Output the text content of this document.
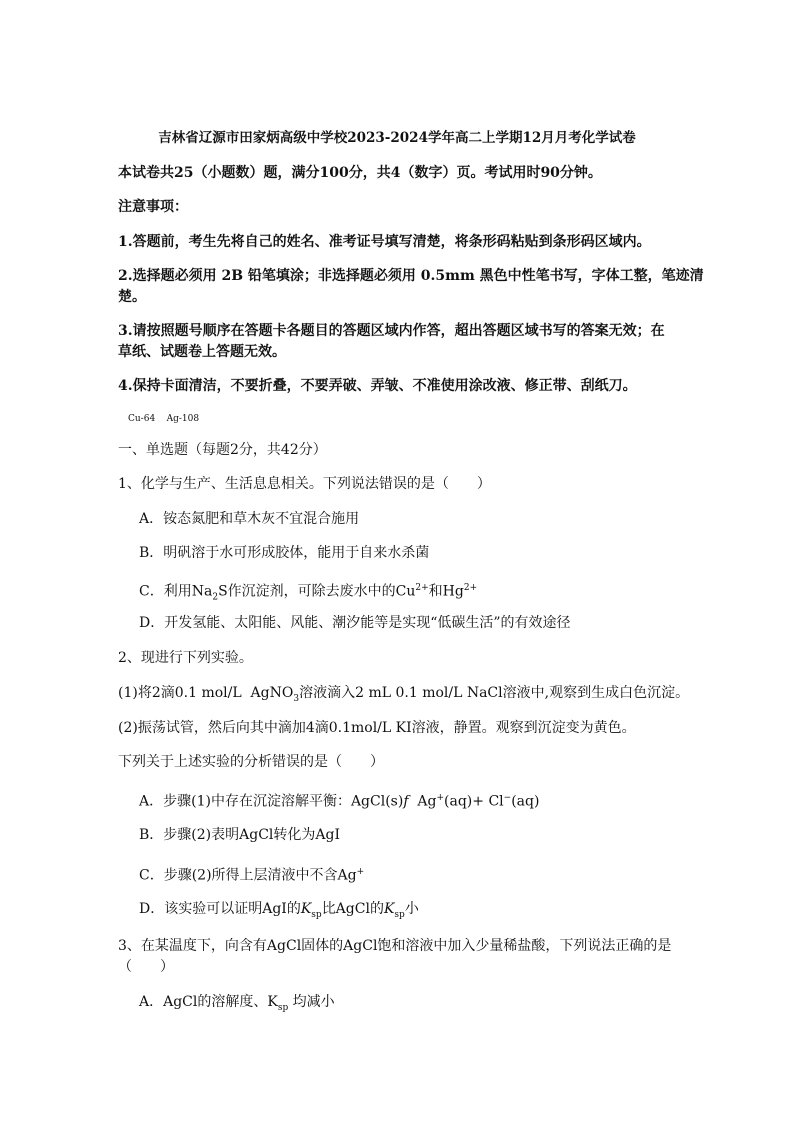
吉林省辽源市田家炳高级中学校2023-2024学年高二上学期12月月考化学试卷
本试卷共25（小题数）题，满分100分，共4（数字）页。考试用时90分钟。
注意事项：
1.答题前，考生先将自己的姓名、准考证号填写清楚，将条形码粘贴到条形码区域内。
2.选择题必须用 2B 铅笔填涂；非选择题必须用 0.5mm 黑色中性笔书写，字体工整，笔迹清
楚。
3.请按照题号顺序在答题卡各题目的答题区域内作答，超出答题区域书写的答案无效；在
草纸、试题卷上答题无效。
4.保持卡面清洁，不要折叠，不要弄破、弄皱、不准使用涂改液、修正带、刮纸刀。
Cu-64    Ag-108
一、单选题（每题2分，共42分）
1、化学与生产、生活息息相关。下列说法错误的是（　　）
A．铵态氮肥和草木灰不宜混合施用
B．明矾溶于水可形成胶体，能用于自来水杀菌
C．利用$Na_2S$作沉淀剂，可除去废水中的$Cu^{2+}$和$Hg^{2+}$
D．开发氢能、太阳能、风能、潮汐能等是实现“低碳生活”的有效途径
2、现进行下列实验。
(1)将2滴0.1 mol/L  AgNO$_3$溶液滴入2 mL 0.1 mol/L NaCl溶液中,观察到生成白色沉淀。
(2)振荡试管，然后向其中滴加4滴0.1mol/L KI溶液，静置。观察到沉淀变为黄色。
下列关于上述实验的分析错误的是（　　）
A．步骤(1)中存在沉淀溶解平衡：AgCl(s)f  Ag+(aq)+ Cl−(aq)
B．步骤(2)表明AgCl转化为AgI
C．步骤(2)所得上层清液中不含Ag+
D．该实验可以证明AgI的$K_{sp}$比AgCl的$K_{sp}$小
3、在某温度下，向含有AgCl固体的AgCl饱和溶液中加入少量稀盐酸，下列说法正确的是
（　　）
A．AgCl的溶解度、$K_{sp}$ 均减小
